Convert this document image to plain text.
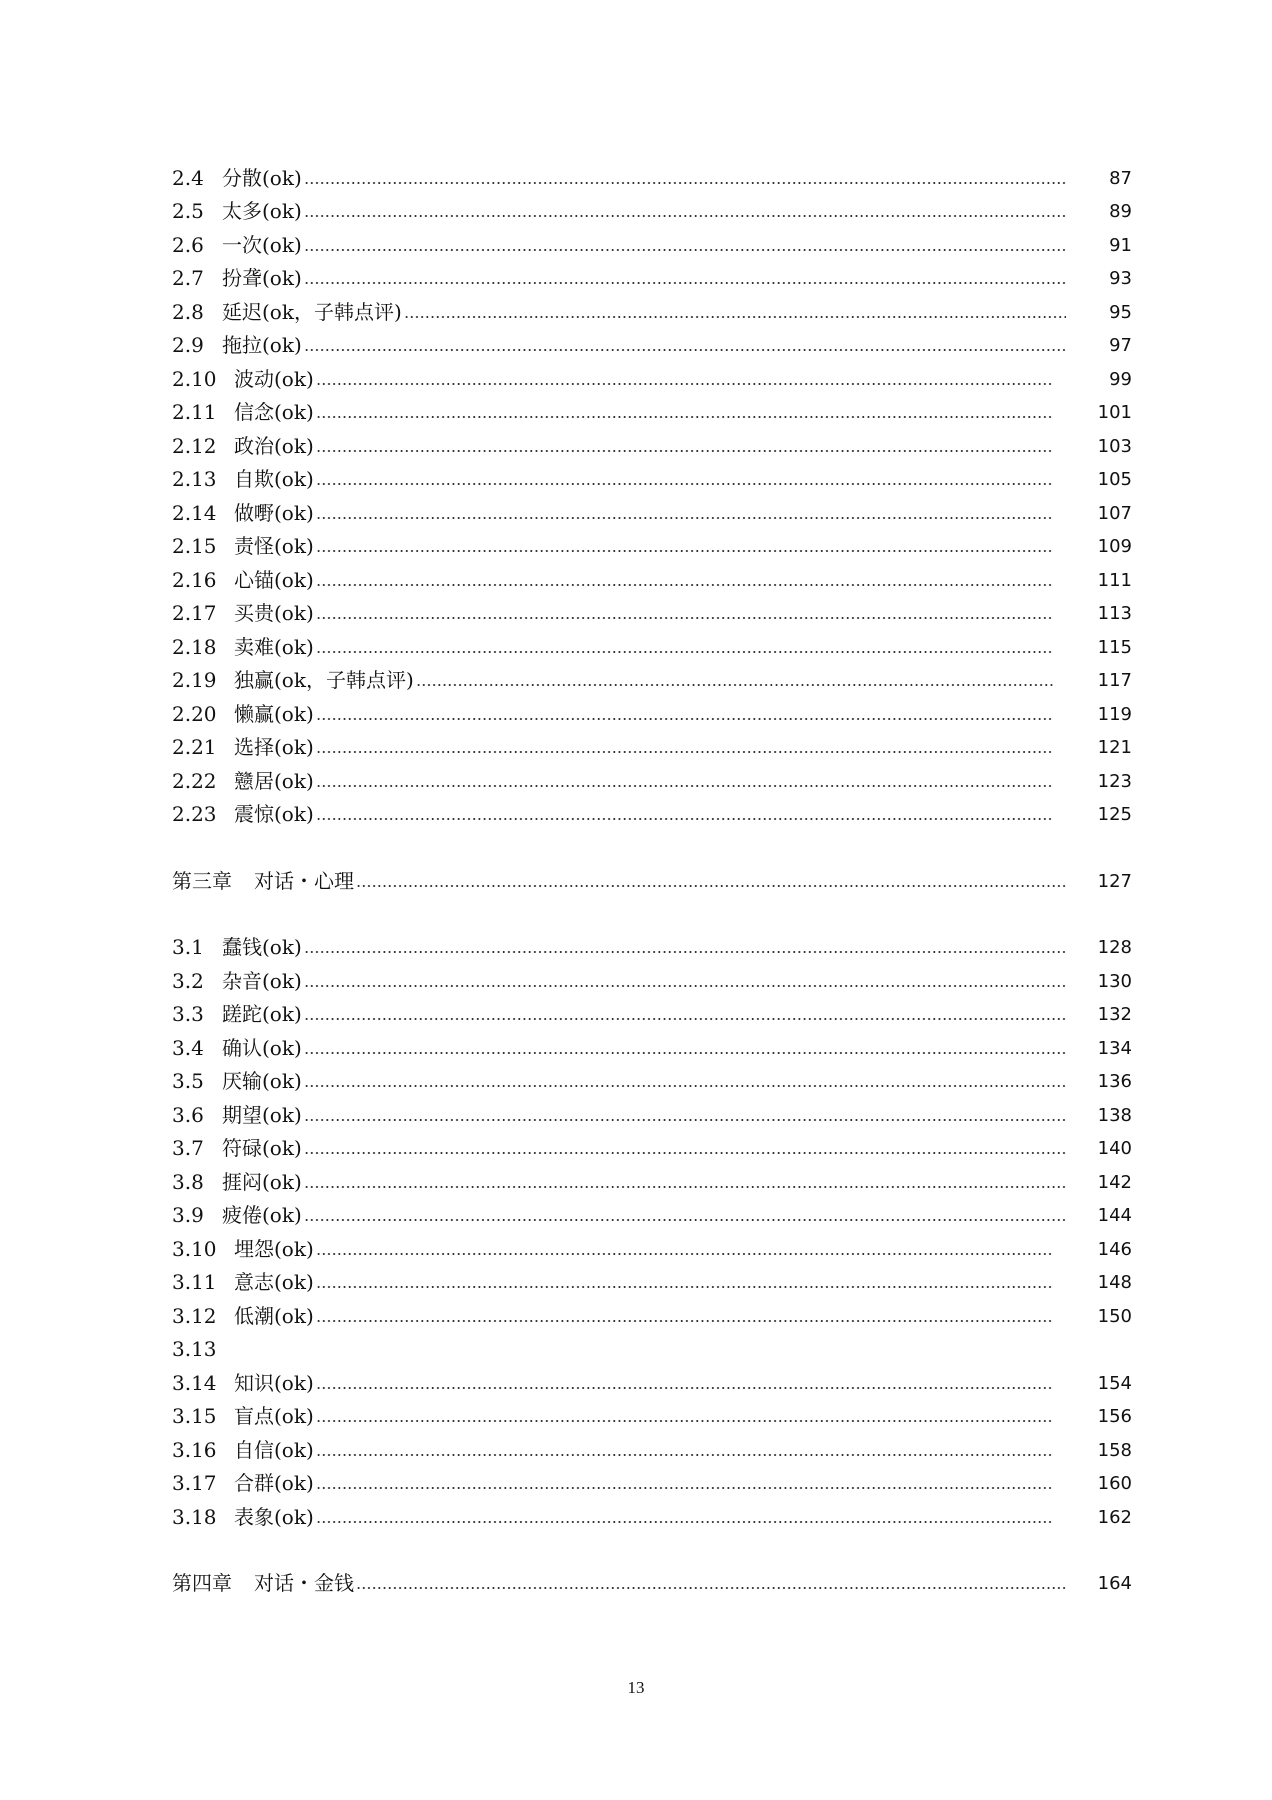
2.4 分散(ok)	87
2.5 太多(ok)	89
2.6 一次(ok)	91
2.7 扮聋(ok)	93
2.8 延迟(ok，子韩点评)	95
2.9 拖拉(ok)	97
2.10 波动(ok)	99
2.11 信念(ok)	101
2.12 政治(ok)	103
2.13 自欺(ok)	105
2.14 做嘢(ok)	107
2.15 责怪(ok)	109
2.16 心锚(ok)	111
2.17 买贵(ok)	113
2.18 卖难(ok)	115
2.19 独赢(ok，子韩点评)	117
2.20 懒赢(ok)	119
2.21 选择(ok)	121
2.22 戆居(ok)	123
2.23 震惊(ok)	125
第三章 对话・心理	127
3.1 蠢钱(ok)	128
3.2 杂音(ok)	130
3.3 蹉跎(ok)	132
3.4 确认(ok)	134
3.5 厌输(ok)	136
3.6 期望(ok)	138
3.7 符碌(ok)	140
3.8 捱闷(ok)	142
3.9 疲倦(ok)	144
3.10 埋怨(ok)	146
3.11 意志(ok)	148
3.12 低潮(ok)	150
3.13
3.14 知识(ok)	154
3.15 盲点(ok)	156
3.16 自信(ok)	158
3.17 合群(ok)	160
3.18 表象(ok)	162
第四章 对话・金钱	164
13
